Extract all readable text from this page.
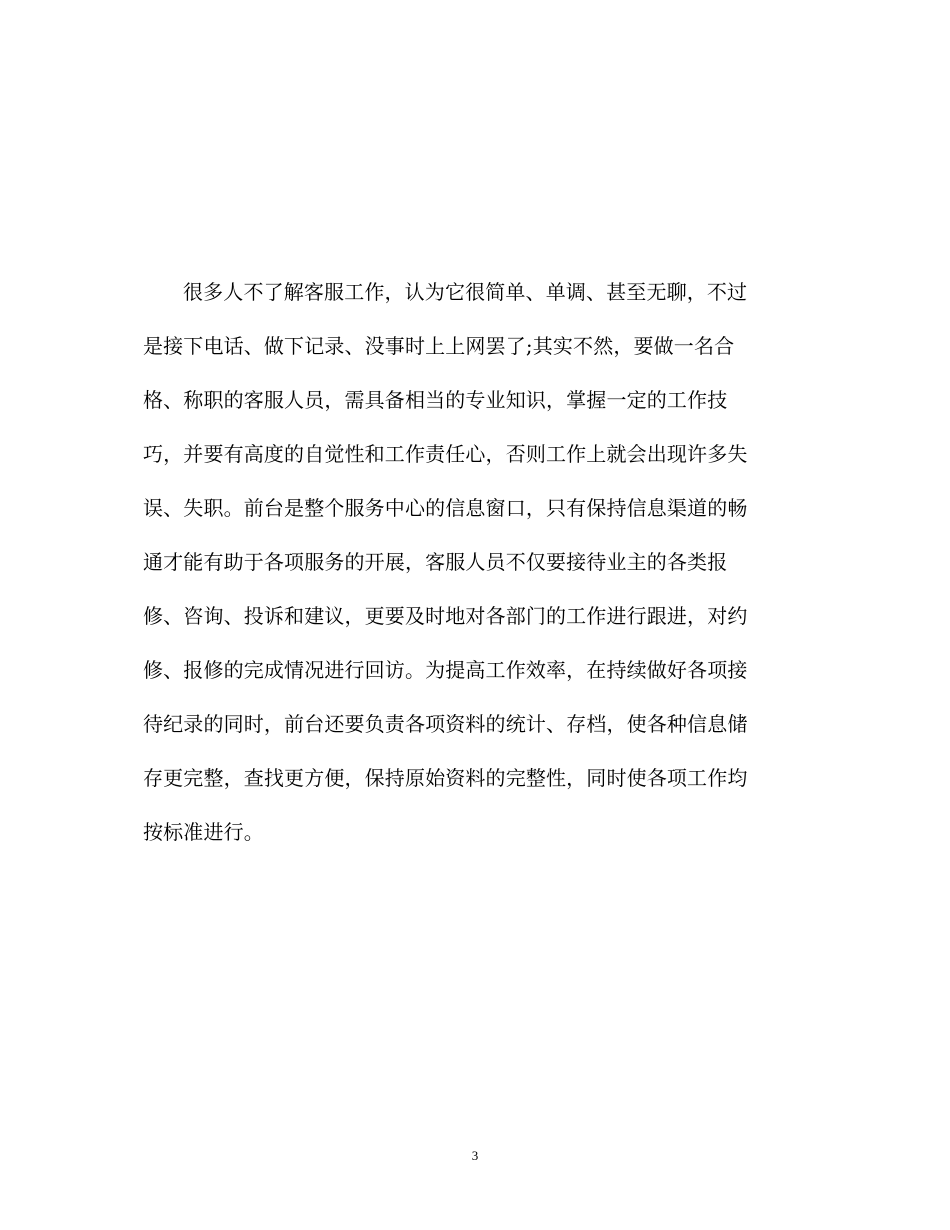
很多人不了解客服工作，认为它很简单、单调、甚至无聊，不过
是接下电话、做下记录、没事时上上网罢了;其实不然，要做一名合
格、称职的客服人员，需具备相当的专业知识，掌握一定的工作技
巧，并要有高度的自觉性和工作责任心，否则工作上就会出现许多失
误、失职。前台是整个服务中心的信息窗口，只有保持信息渠道的畅
通才能有助于各项服务的开展，客服人员不仅要接待业主的各类报
修、咨询、投诉和建议，更要及时地对各部门的工作进行跟进，对约
修、报修的完成情况进行回访。为提高工作效率，在持续做好各项接
待纪录的同时，前台还要负责各项资料的统计、存档，使各种信息储
存更完整，查找更方便，保持原始资料的完整性，同时使各项工作均
按标准进行。
3
